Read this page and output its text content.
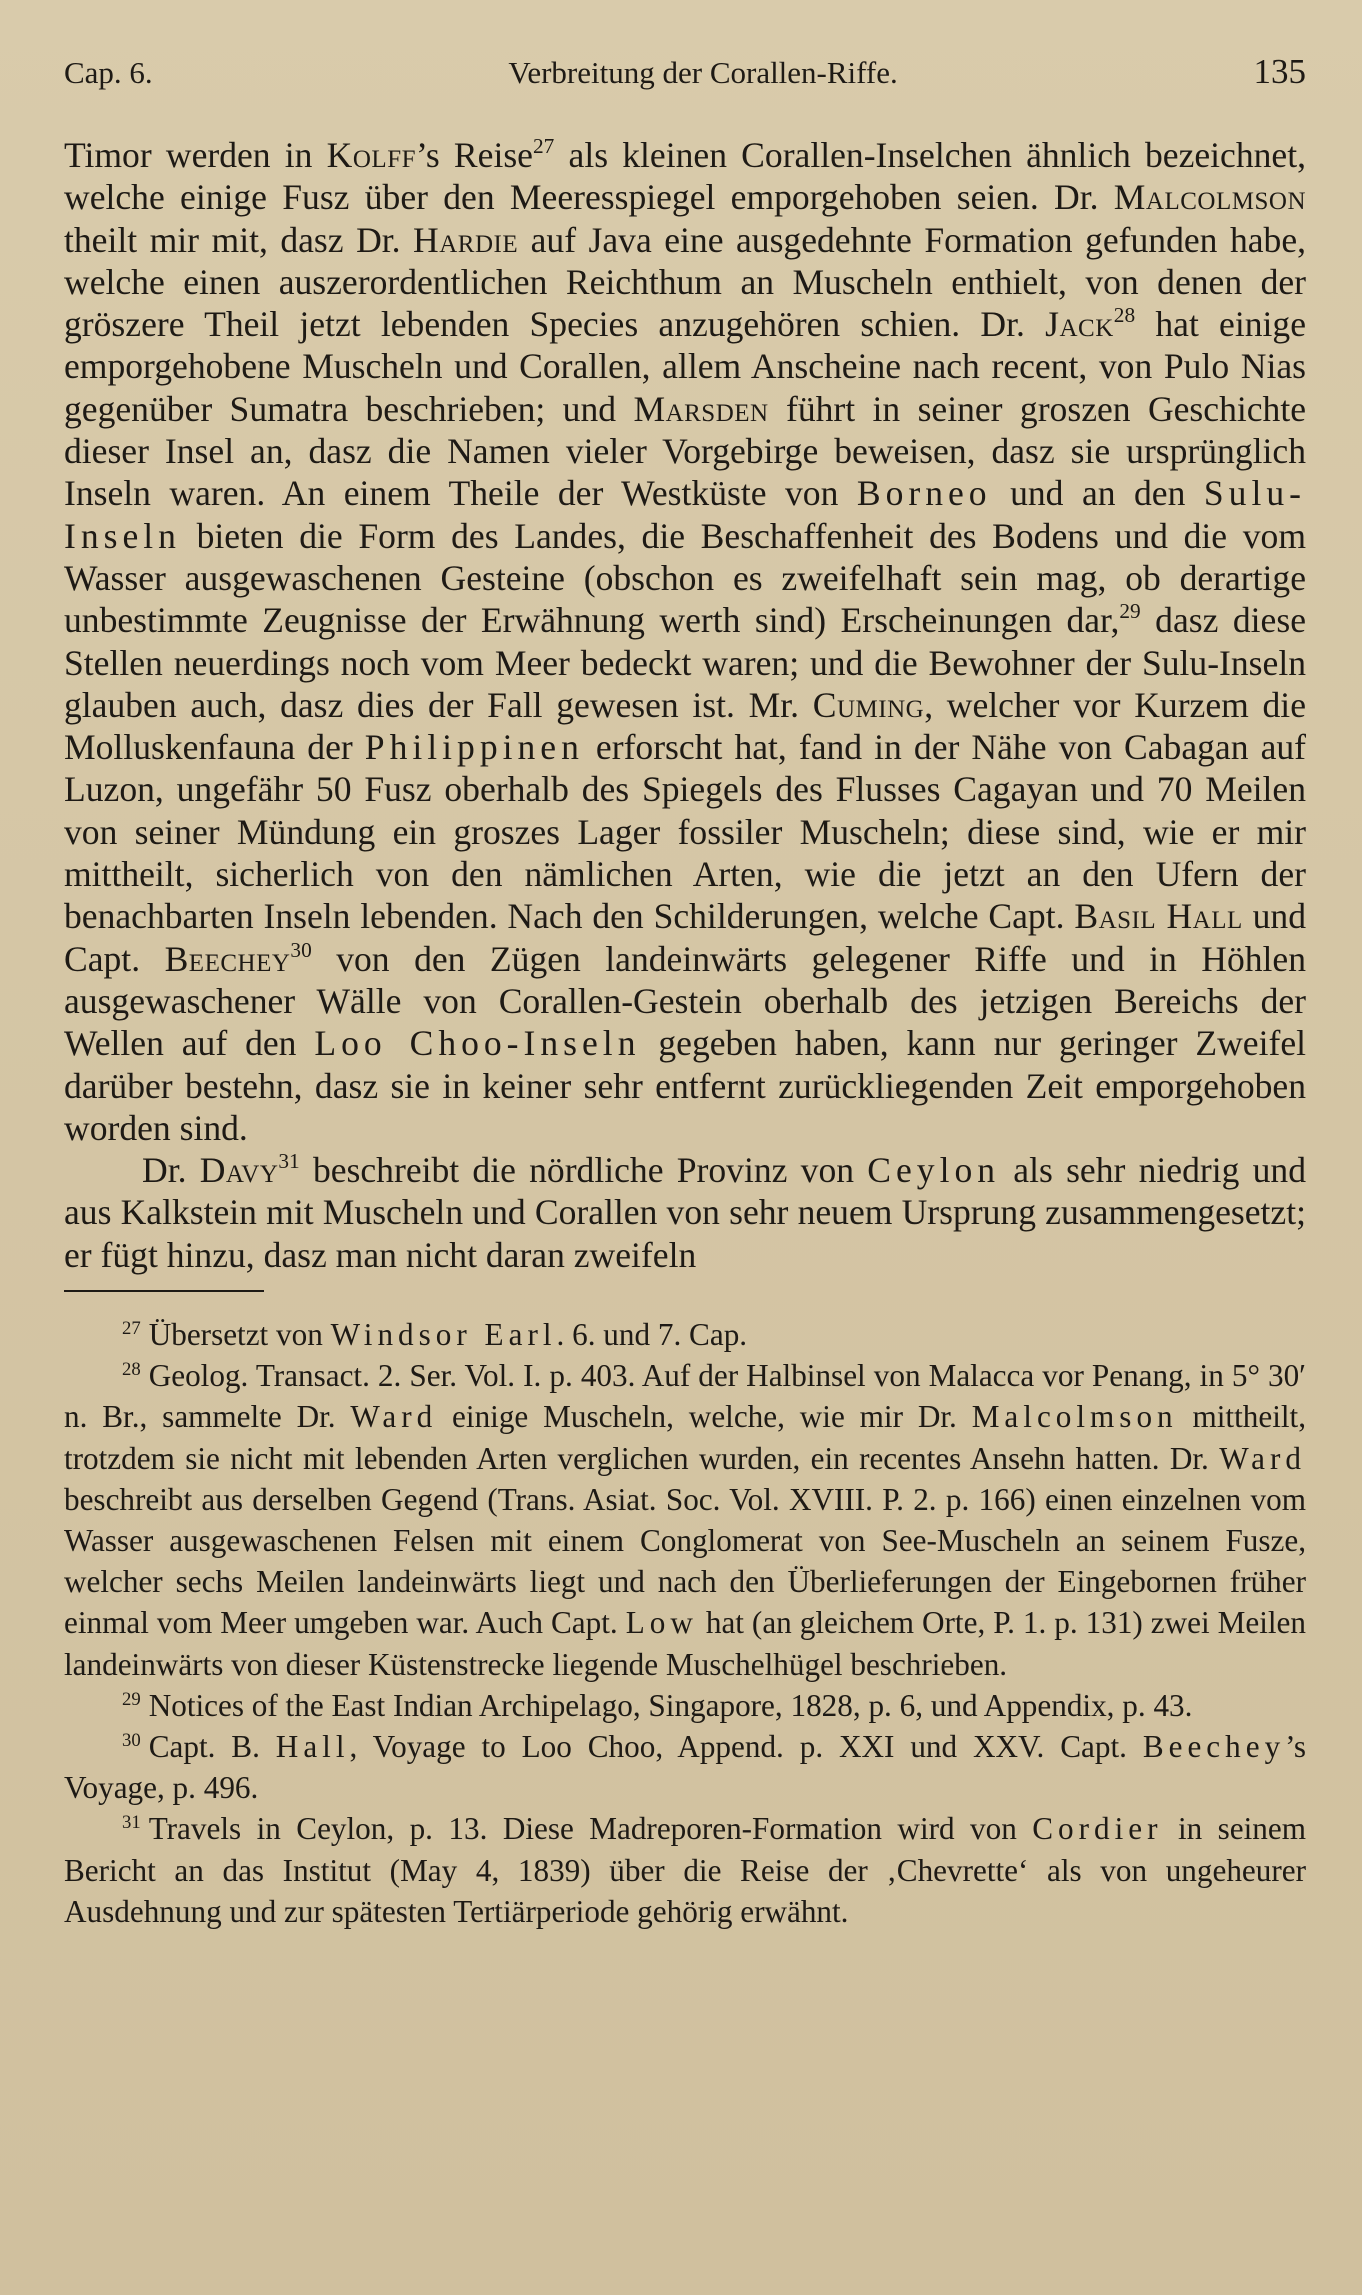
Cap. 6.	Verbreitung der Corallen-Riffe.	135

Timor werden in Kolff’s Reise$^{27}$ als kleinen Corallen-Inselchen ähnlich bezeichnet, welche einige Fusz über den Meeresspiegel emporgehoben seien. Dr. Malcolmson theilt mir mit, dasz Dr. Hardie auf Java eine ausgedehnte Formation gefunden habe, welche einen auszerordentlichen Reichthum an Muscheln enthielt, von denen der gröszere Theil jetzt lebenden Species anzugehören schien. Dr. Jack$^{28}$ hat einige emporgehobene Muscheln und Corallen, allem Anscheine nach recent, von Pulo Nias gegenüber Sumatra beschrieben; und Marsden führt in seiner groszen Geschichte dieser Insel an, dasz die Namen vieler Vorgebirge beweisen, dasz sie ursprünglich Inseln waren. An einem Theile der Westküste von Borneo und an den Sulu-Inseln bieten die Form des Landes, die Beschaffenheit des Bodens und die vom Wasser ausgewaschenen Gesteine (obschon es zweifelhaft sein mag, ob derartige unbestimmte Zeugnisse der Erwähnung werth sind) Erscheinungen dar,$^{29}$ dasz diese Stellen neuerdings noch vom Meer bedeckt waren; und die Bewohner der Sulu-Inseln glauben auch, dasz dies der Fall gewesen ist. Mr. Cuming, welcher vor Kurzem die Molluskenfauna der Philippinen erforscht hat, fand in der Nähe von Cabagan auf Luzon, ungefähr 50 Fusz oberhalb des Spiegels des Flusses Cagayan und 70 Meilen von seiner Mündung ein groszes Lager fossiler Muscheln; diese sind, wie er mir mittheilt, sicherlich von den nämlichen Arten, wie die jetzt an den Ufern der benachbarten Inseln lebenden. Nach den Schilderungen, welche Capt. Basil Hall und Capt. Beechey$^{30}$ von den Zügen landeinwärts gelegener Riffe und in Höhlen ausgewaschener Wälle von Corallen-Gestein oberhalb des jetzigen Bereichs der Wellen auf den Loo Choo-Inseln gegeben haben, kann nur geringer Zweifel darüber bestehn, dasz sie in keiner sehr entfernt zurückliegenden Zeit emporgehoben worden sind.

Dr. Davy$^{31}$ beschreibt die nördliche Provinz von Ceylon als sehr niedrig und aus Kalkstein mit Muscheln und Corallen von sehr neuem Ursprung zusammengesetzt; er fügt hinzu, dasz man nicht daran zweifeln

$^{27}$ Übersetzt von Windsor Earl. 6. und 7. Cap.

$^{28}$ Geolog. Transact. 2. Ser. Vol. I. p. 403. Auf der Halbinsel von Malacca vor Penang, in 5° 30′ n. Br., sammelte Dr. Ward einige Muscheln, welche, wie mir Dr. Malcolmson mittheilt, trotzdem sie nicht mit lebenden Arten verglichen wurden, ein recentes Ansehn hatten. Dr. Ward beschreibt aus derselben Gegend (Trans. Asiat. Soc. Vol. XVIII. P. 2. p. 166) einen einzelnen vom Wasser ausgewaschenen Felsen mit einem Conglomerat von See-Muscheln an seinem Fusze, welcher sechs Meilen landeinwärts liegt und nach den Überlieferungen der Eingebornen früher einmal vom Meer umgeben war. Auch Capt. Low hat (an gleichem Orte, P. 1. p. 131) zwei Meilen landeinwärts von dieser Küstenstrecke liegende Muschelhügel beschrieben.

$^{29}$ Notices of the East Indian Archipelago, Singapore, 1828, p. 6, und Appendix, p. 43.

$^{30}$ Capt. B. Hall, Voyage to Loo Choo, Append. p. XXI und XXV. Capt. Beechey’s Voyage, p. 496.

$^{31}$ Travels in Ceylon, p. 13. Diese Madreporen-Formation wird von Cordier in seinem Bericht an das Institut (May 4, 1839) über die Reise der ‚Chevrette‘ als von ungeheurer Ausdehnung und zur spätesten Tertiärperiode gehörig erwähnt.
